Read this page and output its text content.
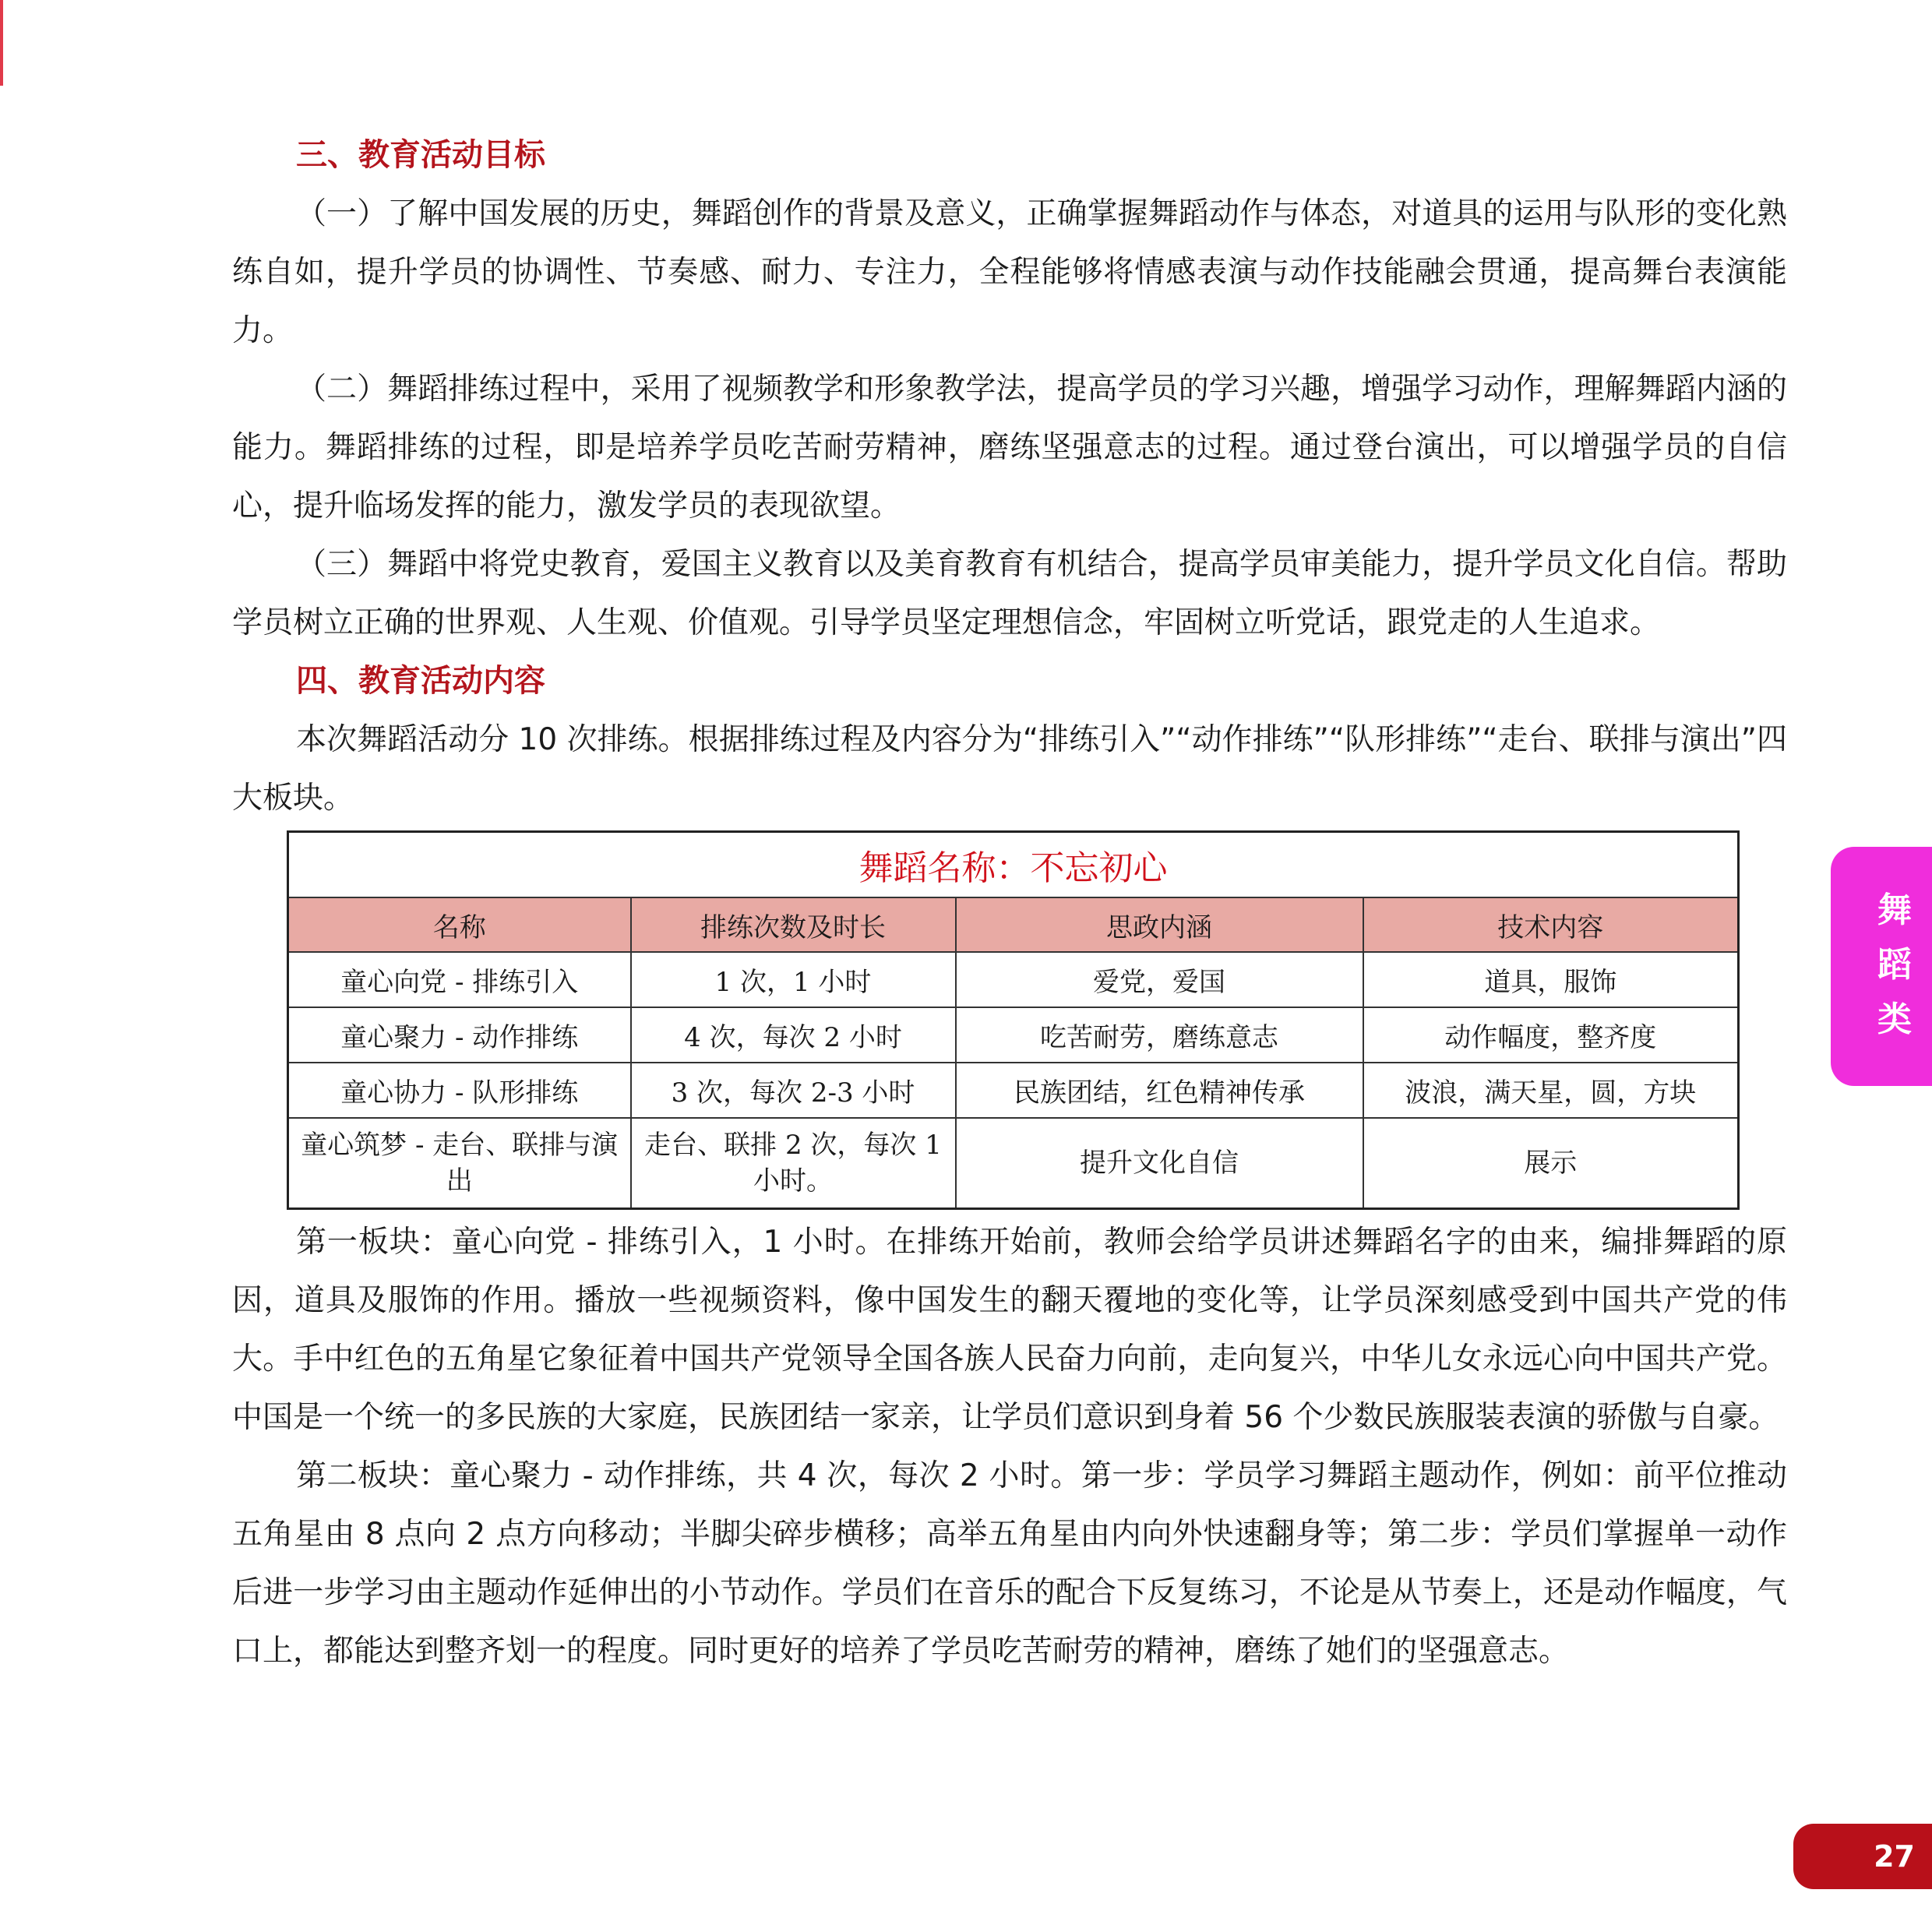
三、教育活动目标

（一）了解中国发展的历史，舞蹈创作的背景及意义，正确掌握舞蹈动作与体态，对道具的运用与队形的变化熟练自如，提升学员的协调性、节奏感、耐力、专注力，全程能够将情感表演与动作技能融会贯通，提高舞台表演能力。

（二）舞蹈排练过程中，采用了视频教学和形象教学法，提高学员的学习兴趣，增强学习动作，理解舞蹈内涵的能力。舞蹈排练的过程，即是培养学员吃苦耐劳精神，磨练坚强意志的过程。通过登台演出，可以增强学员的自信心，提升临场发挥的能力，激发学员的表现欲望。

（三）舞蹈中将党史教育，爱国主义教育以及美育教育有机结合，提高学员审美能力，提升学员文化自信。帮助学员树立正确的世界观、人生观、价值观。引导学员坚定理想信念，牢固树立听党话，跟党走的人生追求。

四、教育活动内容

本次舞蹈活动分 10 次排练。根据排练过程及内容分为“排练引入”“动作排练”“队形排练”“走台、联排与演出”四大板块。

舞蹈名称：不忘初心			
名称	排练次数及时长	思政内涵	技术内容
童心向党 - 排练引入	1 次，1 小时	爱党，爱国	道具，服饰
童心聚力 - 动作排练	4 次，每次 2 小时	吃苦耐劳，磨练意志	动作幅度，整齐度
童心协力 - 队形排练	3 次，每次 2-3 小时	民族团结，红色精神传承	波浪，满天星，圆，方块
童心筑梦 - 走台、联排与演出	走台、联排 2 次，每次 1 小时。	提升文化自信	展示

第一板块：童心向党 - 排练引入，1 小时。在排练开始前，教师会给学员讲述舞蹈名字的由来，编排舞蹈的原因，道具及服饰的作用。播放一些视频资料，像中国发生的翻天覆地的变化等，让学员深刻感受到中国共产党的伟大。手中红色的五角星它象征着中国共产党领导全国各族人民奋力向前，走向复兴，中华儿女永远心向中国共产党。中国是一个统一的多民族的大家庭，民族团结一家亲，让学员们意识到身着 56 个少数民族服装表演的骄傲与自豪。

第二板块：童心聚力 - 动作排练，共 4 次，每次 2 小时。第一步：学员学习舞蹈主题动作，例如：前平位推动五角星由 8 点向 2 点方向移动；半脚尖碎步横移；高举五角星由内向外快速翻身等；第二步：学员们掌握单一动作后进一步学习由主题动作延伸出的小节动作。学员们在音乐的配合下反复练习，不论是从节奏上，还是动作幅度，气口上，都能达到整齐划一的程度。同时更好的培养了学员吃苦耐劳的精神，磨练了她们的坚强意志。

舞
蹈
类
27
